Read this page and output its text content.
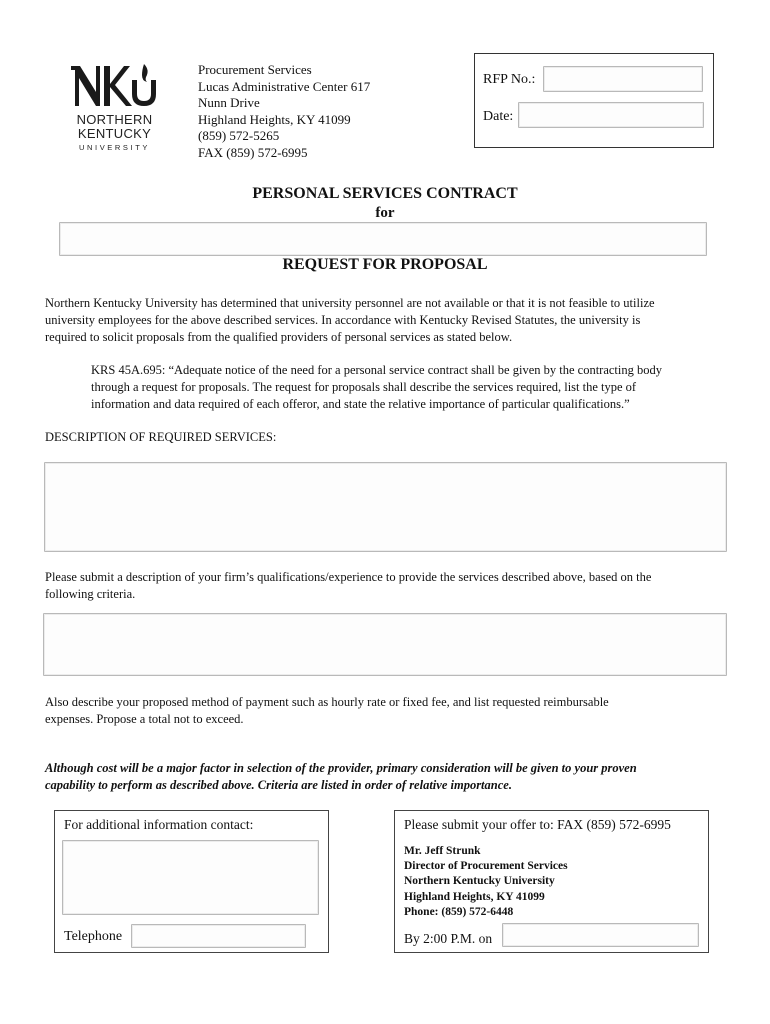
NORTHERN
KENTUCKY
UNIVERSITY
Procurement Services
Lucas Administrative Center 617
Nunn Drive
Highland Heights, KY 41099
(859) 572-5265
FAX (859) 572-6995
RFP No.:
Date:
PERSONAL SERVICES CONTRACT
for
REQUEST FOR PROPOSAL
Northern Kentucky University has determined that university personnel are not available or that it is not feasible to utilize
university employees for the above described services. In accordance with Kentucky Revised Statutes, the university is
required to solicit proposals from the qualified providers of personal services as stated below.
KRS 45A.695: “Adequate notice of the need for a personal service contract shall be given by the contracting body
through a request for proposals. The request for proposals shall describe the services required, list the type of
information and data required of each offeror, and state the relative importance of particular qualifications.”
DESCRIPTION OF REQUIRED SERVICES:
Please submit a description of your firm’s qualifications/experience to provide the services described above, based on the
following criteria.
Also describe your proposed method of payment such as hourly rate or fixed fee, and list requested reimbursable
expenses. Propose a total not to exceed.
Although cost will be a major factor in selection of the provider, primary consideration will be given to your proven
capability to perform as described above. Criteria are listed in order of relative importance.
For additional information contact:
Telephone
Please submit your offer to: FAX (859) 572-6995
Mr. Jeff Strunk
Director of Procurement Services
Northern Kentucky University
Highland Heights, KY 41099
Phone: (859) 572-6448
By 2:00 P.M. on
